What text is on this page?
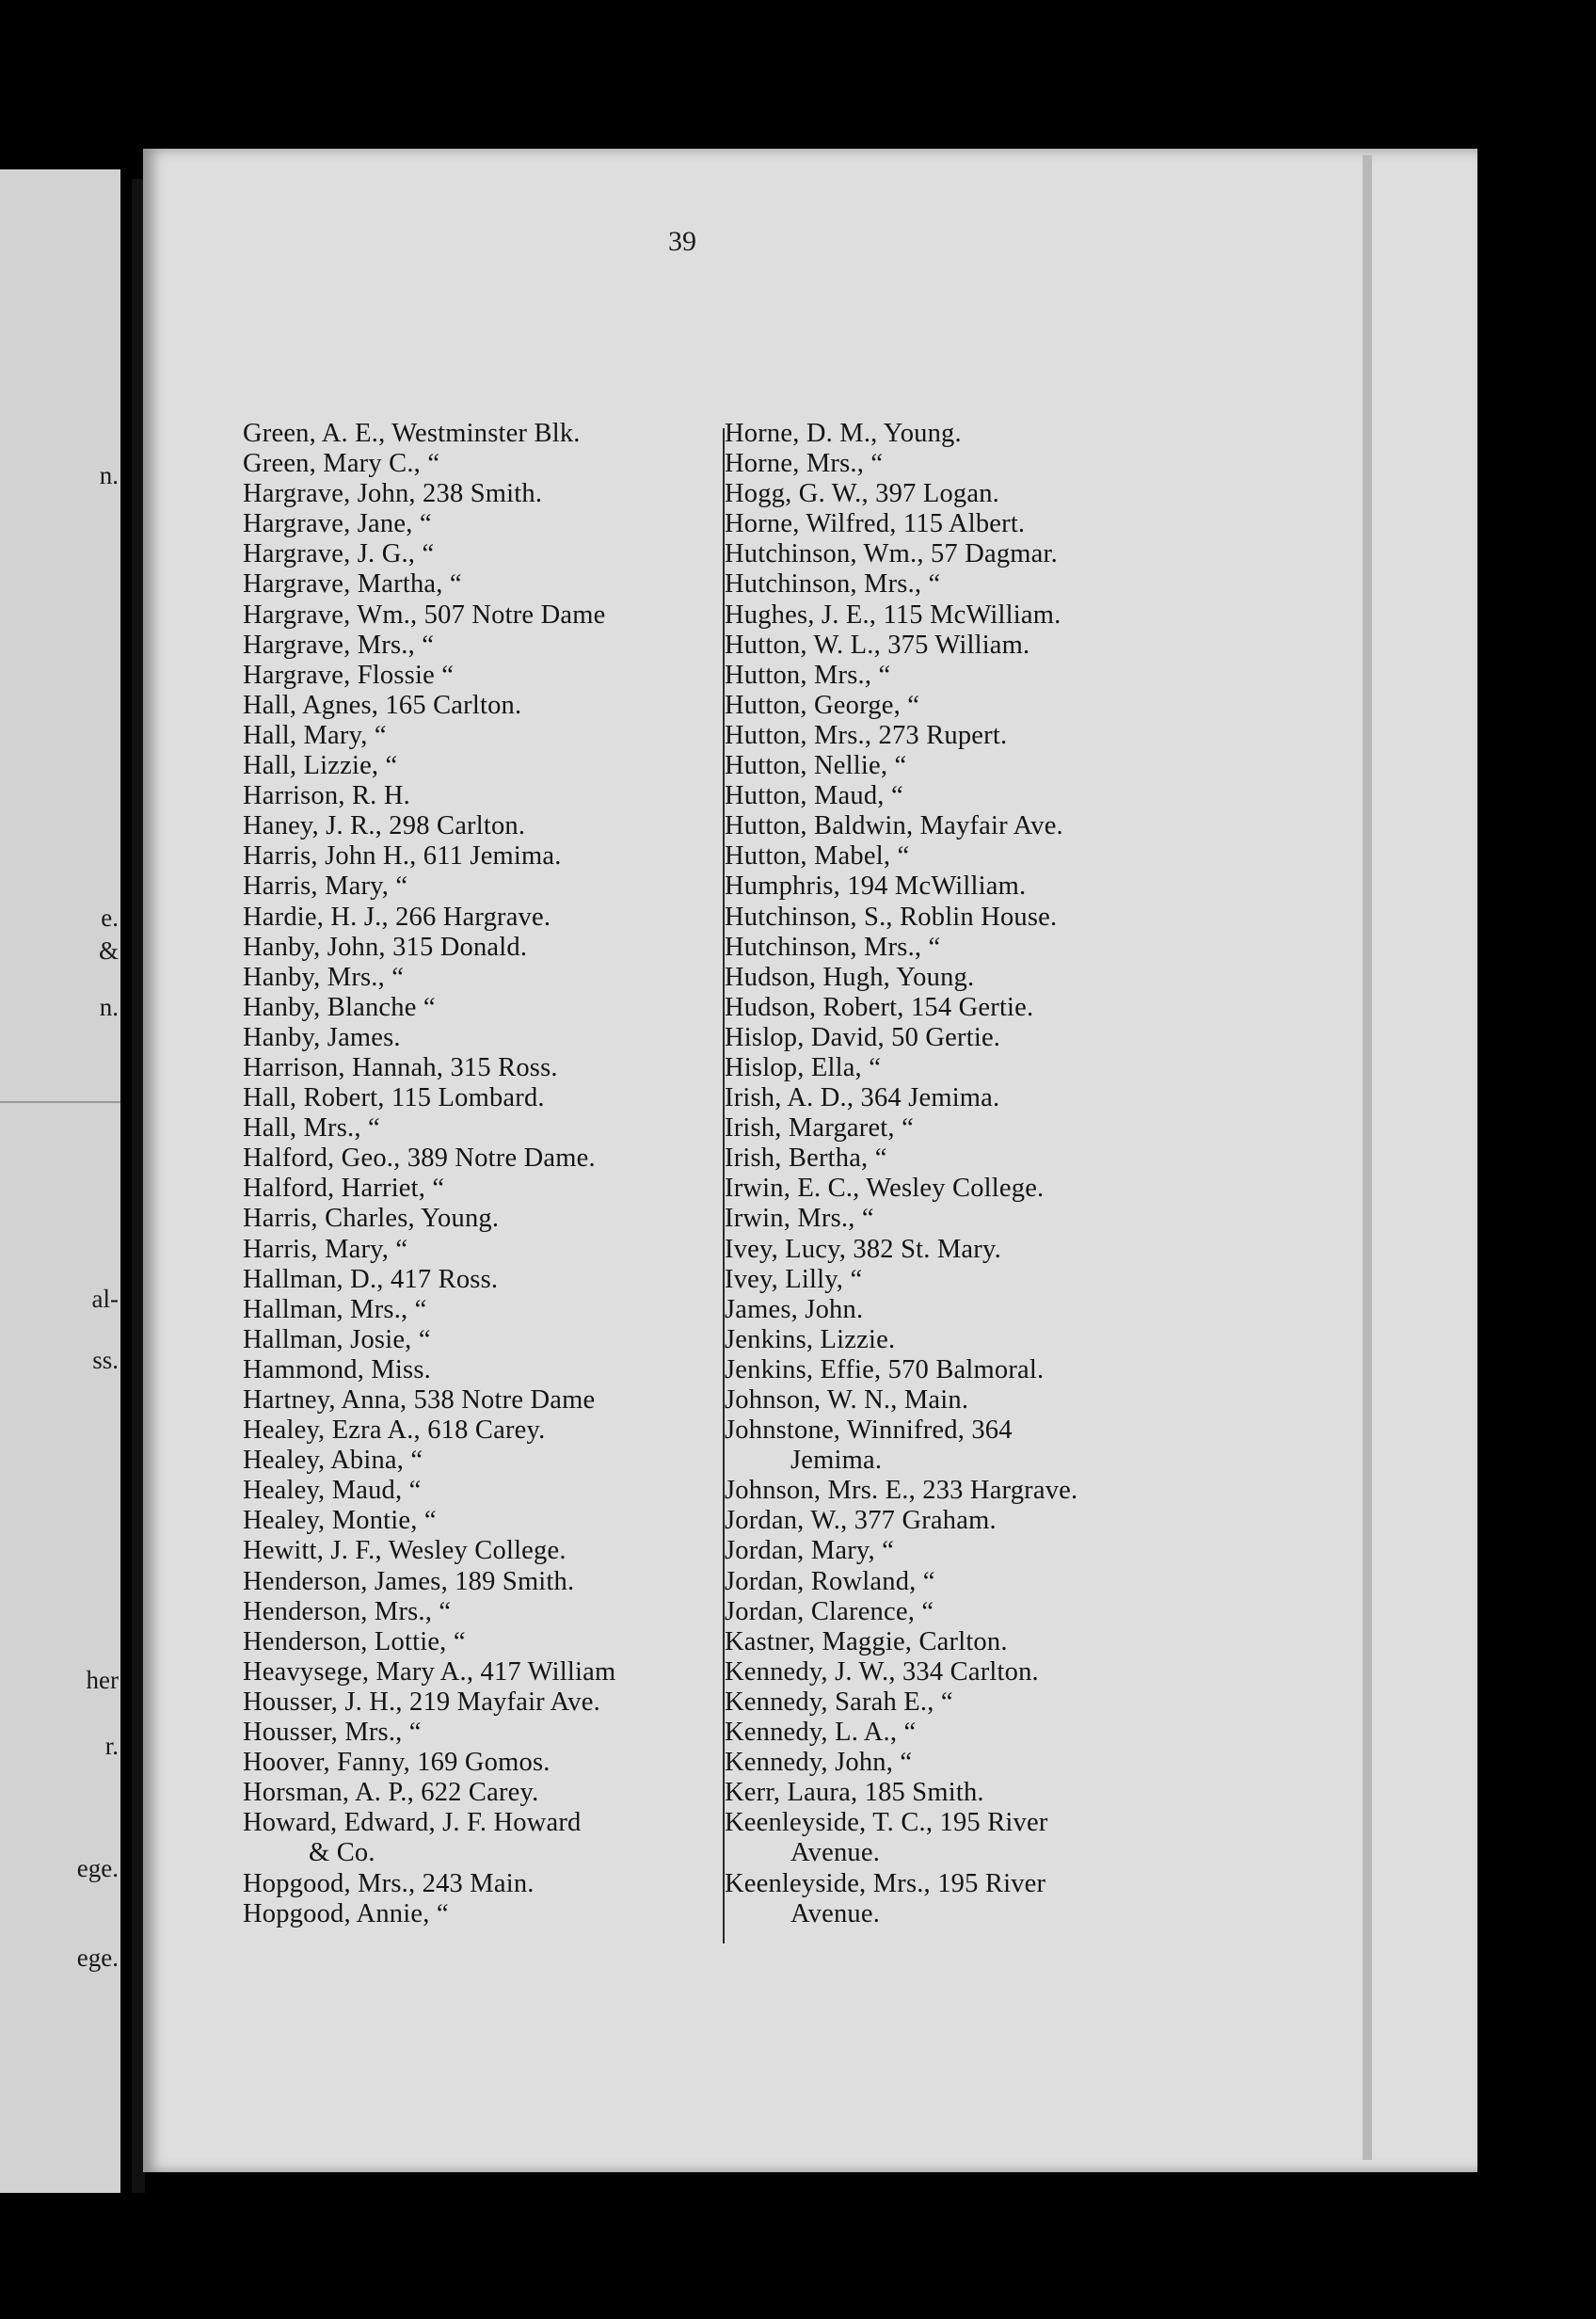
n.
e.
&
n.
al-
ss.
her
r.
ege.
ege.
39
Green, A. E., Westminster Blk.
Green, Mary C., “
Hargrave, John, 238 Smith.
Hargrave, Jane, “
Hargrave, J. G., “
Hargrave, Martha, “
Hargrave, Wm., 507 Notre Dame
Hargrave, Mrs., “
Hargrave, Flossie “
Hall, Agnes, 165 Carlton.
Hall, Mary, “
Hall, Lizzie, “
Harrison, R. H.
Haney, J. R., 298 Carlton.
Harris, John H., 611 Jemima.
Harris, Mary, “
Hardie, H. J., 266 Hargrave.
Hanby, John, 315 Donald.
Hanby, Mrs., “
Hanby, Blanche “
Hanby, James.
Harrison, Hannah, 315 Ross.
Hall, Robert, 115 Lombard.
Hall, Mrs., “
Halford, Geo., 389 Notre Dame.
Halford, Harriet, “
Harris, Charles, Young.
Harris, Mary, “
Hallman, D., 417 Ross.
Hallman, Mrs., “
Hallman, Josie, “
Hammond, Miss.
Hartney, Anna, 538 Notre Dame
Healey, Ezra A., 618 Carey.
Healey, Abina, “
Healey, Maud, “
Healey, Montie, “
Hewitt, J. F., Wesley College.
Henderson, James, 189 Smith.
Henderson, Mrs., “
Henderson, Lottie, “
Heavysege, Mary A., 417 William
Housser, J. H., 219 Mayfair Ave.
Housser, Mrs., “
Hoover, Fanny, 169 Gomos.
Horsman, A. P., 622 Carey.
Howard, Edward, J. F. Howard
& Co.
Hopgood, Mrs., 243 Main.
Hopgood, Annie, “
Horne, D. M., Young.
Horne, Mrs., “
Hogg, G. W., 397 Logan.
Horne, Wilfred, 115 Albert.
Hutchinson, Wm., 57 Dagmar.
Hutchinson, Mrs., “
Hughes, J. E., 115 McWilliam.
Hutton, W. L., 375 William.
Hutton, Mrs., “
Hutton, George, “
Hutton, Mrs., 273 Rupert.
Hutton, Nellie, “
Hutton, Maud, “
Hutton, Baldwin, Mayfair Ave.
Hutton, Mabel, “
Humphris, 194 McWilliam.
Hutchinson, S., Roblin House.
Hutchinson, Mrs., “
Hudson, Hugh, Young.
Hudson, Robert, 154 Gertie.
Hislop, David, 50 Gertie.
Hislop, Ella, “
Irish, A. D., 364 Jemima.
Irish, Margaret, “
Irish, Bertha, “
Irwin, E. C., Wesley College.
Irwin, Mrs., “
Ivey, Lucy, 382 St. Mary.
Ivey, Lilly, “
James, John.
Jenkins, Lizzie.
Jenkins, Effie, 570 Balmoral.
Johnson, W. N., Main.
Johnstone, Winnifred, 364
Jemima.
Johnson, Mrs. E., 233 Hargrave.
Jordan, W., 377 Graham.
Jordan, Mary, “
Jordan, Rowland, “
Jordan, Clarence, “
Kastner, Maggie, Carlton.
Kennedy, J. W., 334 Carlton.
Kennedy, Sarah E., “
Kennedy, L. A., “
Kennedy, John, “
Kerr, Laura, 185 Smith.
Keenleyside, T. C., 195 River
Avenue.
Keenleyside, Mrs., 195 River
Avenue.
